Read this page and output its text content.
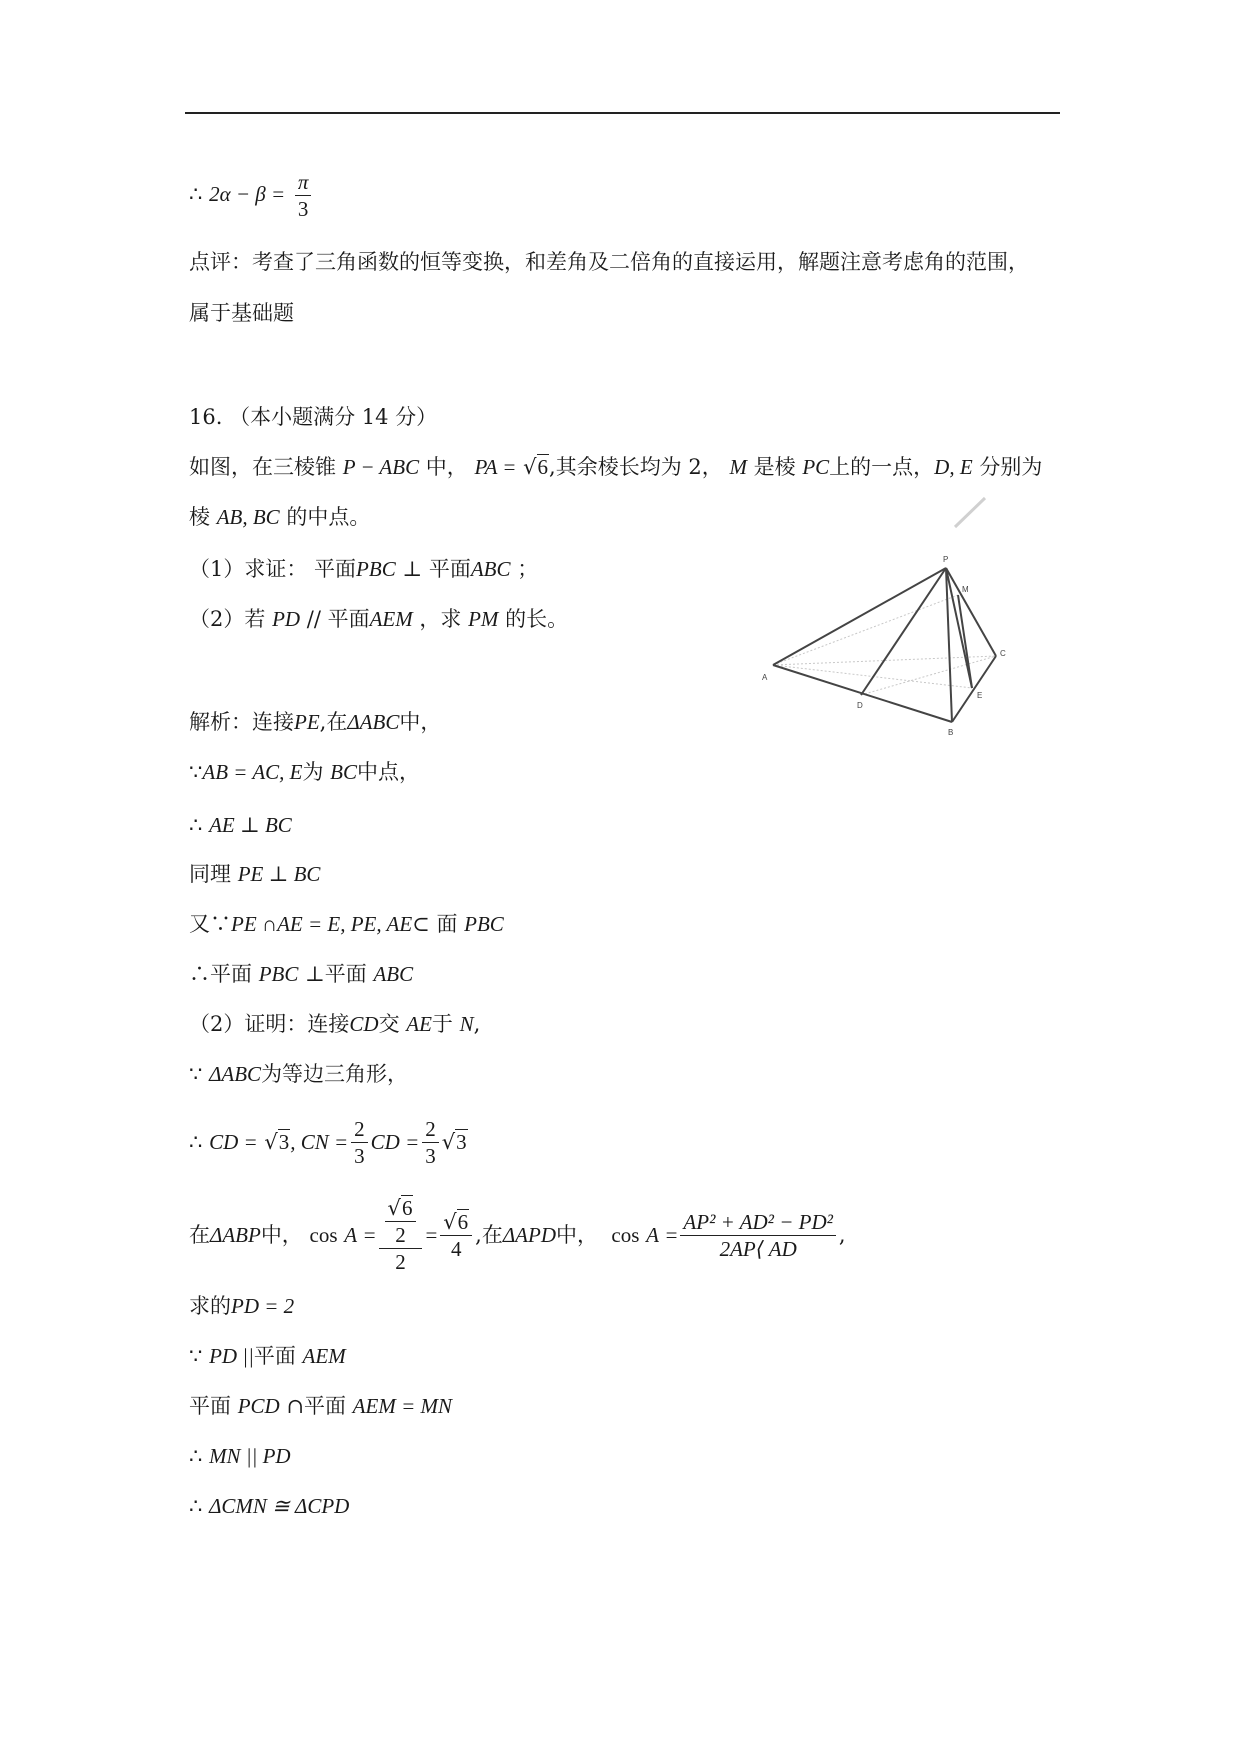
∴ $2\alpha - \beta = \frac{\pi}{3}$
点评：考查了三角函数的恒等变换，和差角及二倍角的直接运用，解题注意考虑角的范围，
属于基础题
16. （本小题满分 14 分）
如图，在三棱锥 P − ABC 中， PA = √6,其余棱长均为 2， M 是棱 PC上的一点，D, E 分别为
棱 AB, BC 的中点。
（1）求证： 平面PBC ⊥ 平面ABC ；
（2）若 PD // 平面AEM ，求 PM 的长。
P
M
C
A
D
E
B
解析：连接PE,在ΔABC中，
∵AB = AC, E为 BC中点，
∴ AE ⊥ BC
同理 PE ⊥ BC
又∵PE ∩AE = E, PE, AE⊂ 面 PBC
∴平面 PBC ⊥平面 ABC
（2）证明：连接CD交 AE于 N,
∵ ΔABC为等边三角形，
∴
CD =
√3 , CN = $\frac{2}{3}$ CD = $\frac{2}{3} √3$
在 ΔABP 中，
cos
A
= $\frac{\frac{√6}{2}}{2} = \frac{√6}{4}$ ,在 ΔAPD 中，
cos
A
= $\frac{\text{AP² + AD² − PD²}}{2AP⟨ AD}$ ,
求的PD = 2
∵ PD ||平面 AEM
平面 PCD ∩平面 AEM = MN
∴ MN || PD
∴ ΔCMN ≅ ΔCPD
